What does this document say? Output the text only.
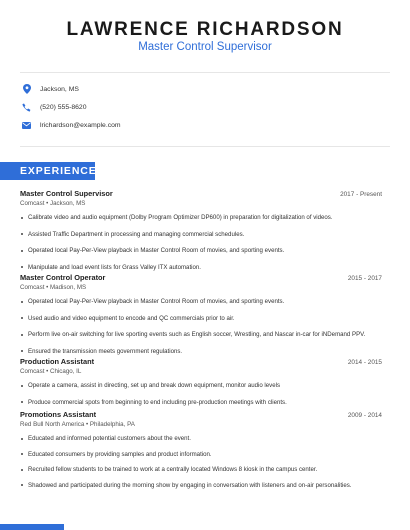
LAWRENCE RICHARDSON
Master Control Supervisor
Jackson, MS
(520) 555-8620
lrichardson@example.com
EXPERIENCE
Master Control Supervisor	2017 - Present
Comcast • Jackson, MS
Calibrate video and audio equipment (Dolby Program Optimizer DP600) in preparation for digitalization of videos.
Assisted Traffic Department in processing and managing commercial schedules.
Operated local Pay-Per-View playback in Master Control Room of movies, and sporting events.
Manipulate and load event lists for Grass Valley ITX automation.
Master Control Operator	2015 - 2017
Comcast • Madison, MS
Operated local Pay-Per-View playback in Master Control Room of movies, and sporting events.
Used audio and video equipment to encode and QC commercials prior to air.
Perform live on-air switching for live sporting events such as English soccer, Wrestling, and Nascar in-car for iNDemand PPV.
Ensured the transmission meets government regulations.
Production Assistant	2014 - 2015
Comcast • Chicago, IL
Operate a camera, assist in directing, set up and break down equipment, monitor audio levels
Produce commercial spots from beginning to end including pre-production meetings with clients.
Promotions Assistant	2009 - 2014
Red Bull North America • Philadelphia, PA
Educated and informed potential customers about the event.
Educated consumers by providing samples and product information.
Recruited fellow students to be trained to work at a centrally located Windows 8 kiosk in the campus center.
Shadowed and participated during the morning show by engaging in conversation with listeners and on-air personalities.
